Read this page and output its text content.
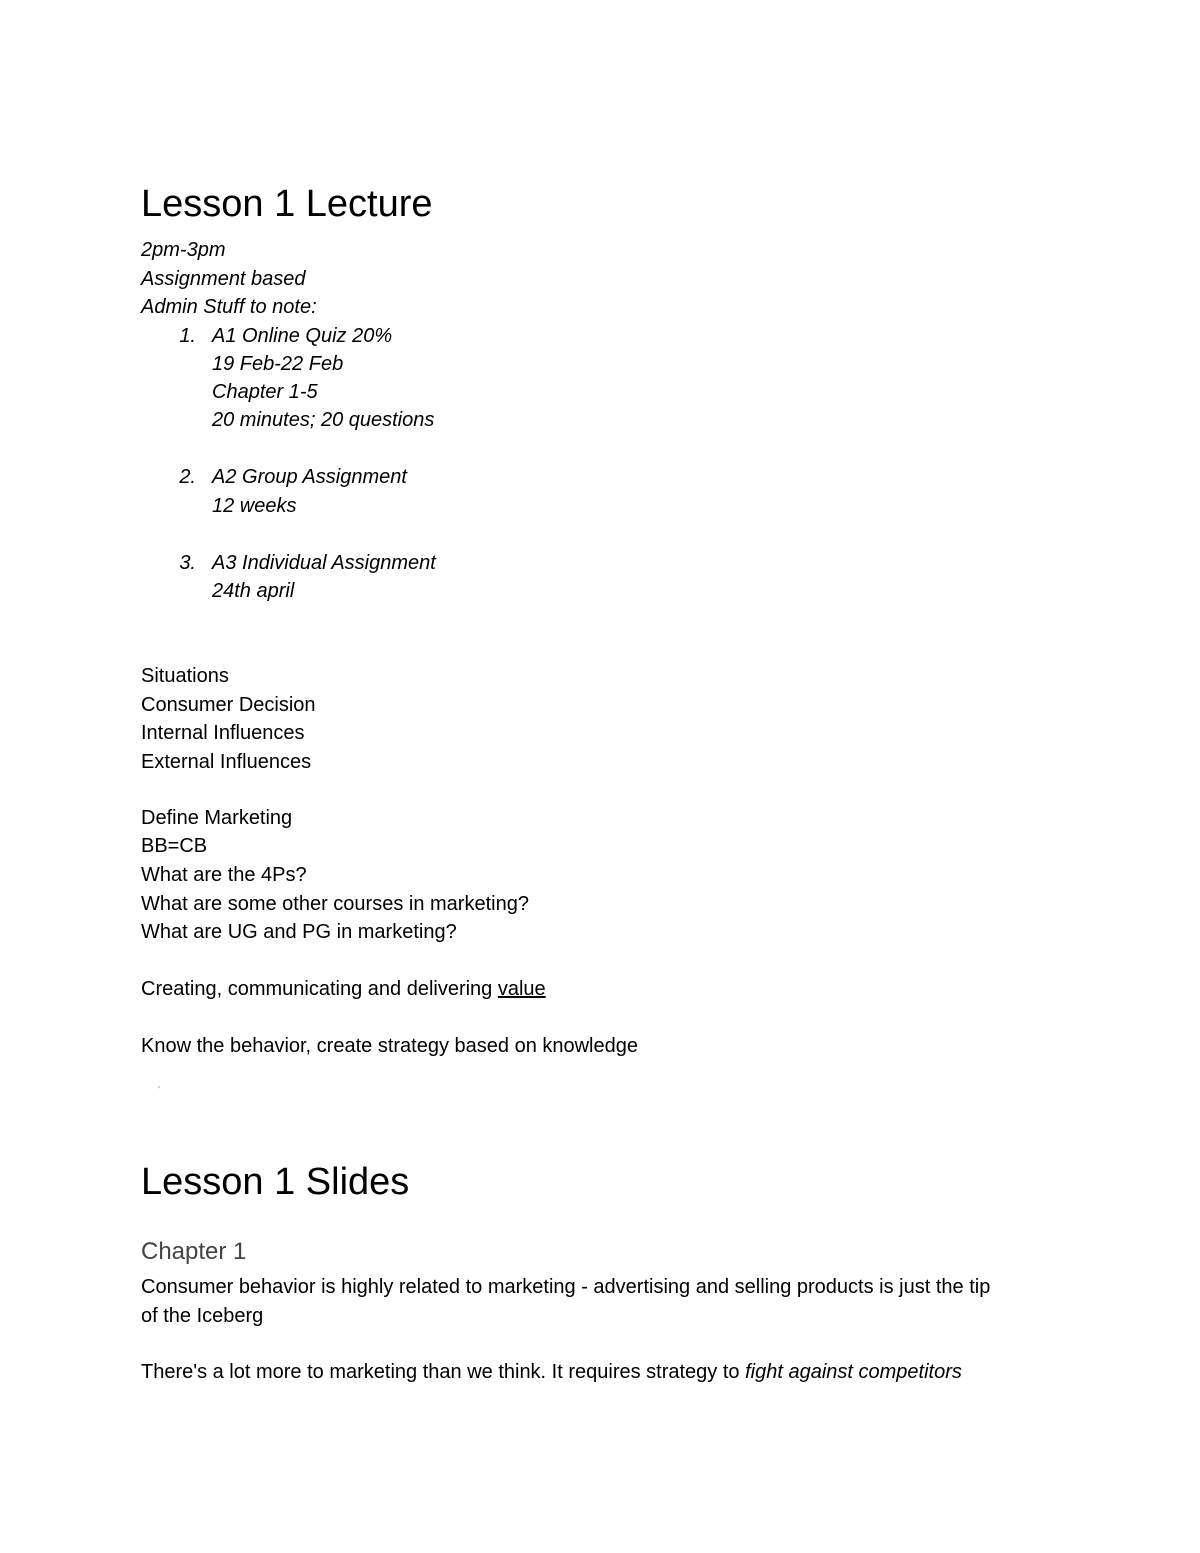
Lesson 1 Lecture
2pm-3pm
Assignment based
Admin Stuff to note:
1. A1 Online Quiz 20%
19 Feb-22 Feb
Chapter 1-5
20 minutes; 20 questions
2. A2 Group Assignment
12 weeks
3. A3 Individual Assignment
24th april
Situations
Consumer Decision
Internal Influences
External Influences
Define Marketing
BB=CB
What are the 4Ps?
What are some other courses in marketing?
What are UG and PG in marketing?
Creating, communicating and delivering value
Know the behavior, create strategy based on knowledge
'
Lesson 1 Slides
Chapter 1
Consumer behavior is highly related to marketing - advertising and selling products is just the tip
of the Iceberg
There's a lot more to marketing than we think. It requires strategy to fight against competitors
